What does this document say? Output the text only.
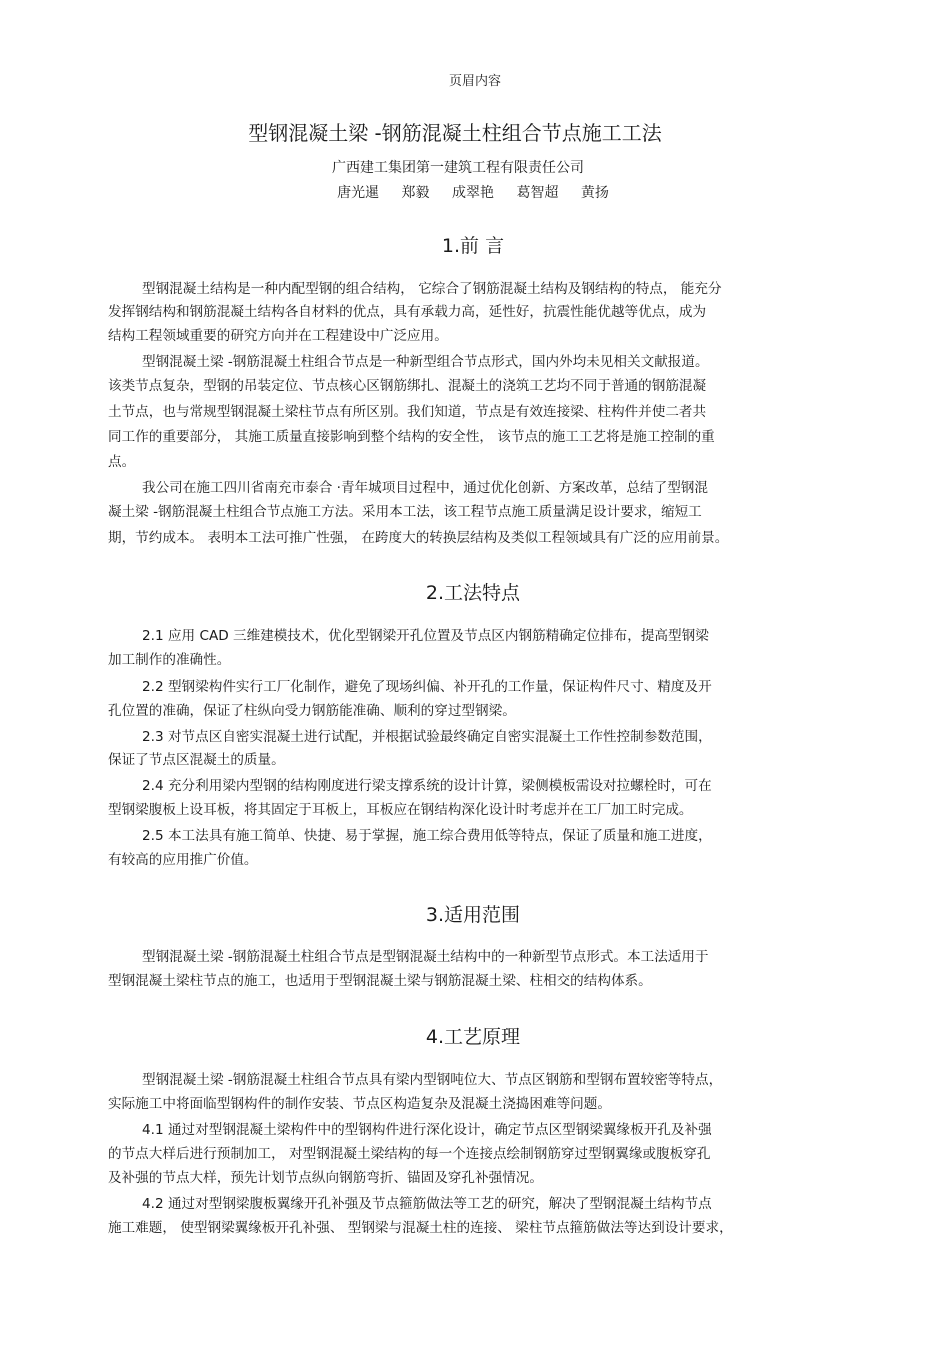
页眉内容
型钢混凝土梁 -钢筋混凝土柱组合节点施工工法
广西建工集团第一建筑工程有限责任公司
唐光暹 郑毅 成翠艳 葛智超 黄扬
1.前 言
型钢混凝土结构是一种内配型钢的组合结构， 它综合了钢筋混凝土结构及钢结构的特点， 能充分
发挥钢结构和钢筋混凝土结构各自材料的优点，具有承载力高，延性好，抗震性能优越等优点，成为
结构工程领域重要的研究方向并在工程建设中广泛应用。
型钢混凝土梁 -钢筋混凝土柱组合节点是一种新型组合节点形式，国内外均未见相关文献报道。
该类节点复杂，型钢的吊装定位、节点核心区钢筋绑扎、混凝土的浇筑工艺均不同于普通的钢筋混凝
土节点，也与常规型钢混凝土梁柱节点有所区别。我们知道，节点是有效连接梁、柱构件并使二者共
同工作的重要部分， 其施工质量直接影响到整个结构的安全性， 该节点的施工工艺将是施工控制的重
点。
我公司在施工四川省南充市泰合 ·青年城项目过程中，通过优化创新、方案改革，总结了型钢混
凝土梁 -钢筋混凝土柱组合节点施工方法。采用本工法，该工程节点施工质量满足设计要求，缩短工
期，节约成本。 表明本工法可推广性强， 在跨度大的转换层结构及类似工程领域具有广泛的应用前景。
2.工法特点
2.1 应用 CAD 三维建模技术，优化型钢梁开孔位置及节点区内钢筋精确定位排布，提高型钢梁
加工制作的准确性。
2.2 型钢梁构件实行工厂化制作，避免了现场纠偏、补开孔的工作量，保证构件尺寸、精度及开
孔位置的准确，保证了柱纵向受力钢筋能准确、顺利的穿过型钢梁。
2.3 对节点区自密实混凝土进行试配，并根据试验最终确定自密实混凝土工作性控制参数范围，
保证了节点区混凝土的质量。
2.4 充分利用梁内型钢的结构刚度进行梁支撑系统的设计计算，梁侧模板需设对拉螺栓时，可在
型钢梁腹板上设耳板，将其固定于耳板上，耳板应在钢结构深化设计时考虑并在工厂加工时完成。
2.5 本工法具有施工简单、快捷、易于掌握，施工综合费用低等特点，保证了质量和施工进度，
有较高的应用推广价值。
3.适用范围
型钢混凝土梁 -钢筋混凝土柱组合节点是型钢混凝土结构中的一种新型节点形式。本工法适用于
型钢混凝土梁柱节点的施工，也适用于型钢混凝土梁与钢筋混凝土梁、柱相交的结构体系。
4.工艺原理
型钢混凝土梁 -钢筋混凝土柱组合节点具有梁内型钢吨位大、节点区钢筋和型钢布置较密等特点，
实际施工中将面临型钢构件的制作安装、节点区构造复杂及混凝土浇捣困难等问题。
4.1 通过对型钢混凝土梁构件中的型钢构件进行深化设计，确定节点区型钢梁翼缘板开孔及补强
的节点大样后进行预制加工， 对型钢混凝土梁结构的每一个连接点绘制钢筋穿过型钢翼缘或腹板穿孔
及补强的节点大样，预先计划节点纵向钢筋弯折、锚固及穿孔补强情况。
4.2 通过对型钢梁腹板翼缘开孔补强及节点箍筋做法等工艺的研究，解决了型钢混凝土结构节点
施工难题， 使型钢梁翼缘板开孔补强、 型钢梁与混凝土柱的连接、 梁柱节点箍筋做法等达到设计要求，
